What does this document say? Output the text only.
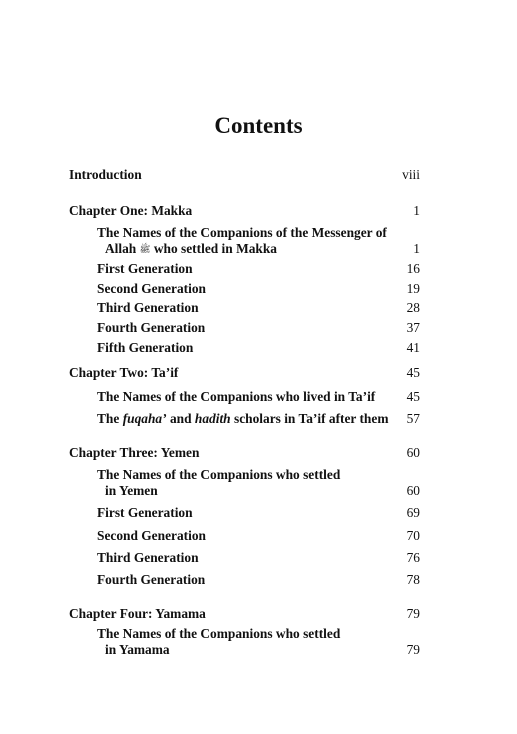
Contents
Introduction	viii
Chapter One: Makka	1
The Names of the Companions of the Messenger of
Allah ﷺ who settled in Makka	1
First Generation	16
Second Generation	19
Third Generation	28
Fourth Generation	37
Fifth Generation	41
Chapter Two: Ta’if	45
The Names of the Companions who lived in Ta’if 45
The fuqaha’ and hadith scholars in Ta’if after them 57
Chapter Three: Yemen	60
The Names of the Companions who settled
in Yemen	60
First Generation	69
Second Generation	70
Third Generation	76
Fourth Generation	78
Chapter Four: Yamama	79
The Names of the Companions who settled
in Yamama	79
